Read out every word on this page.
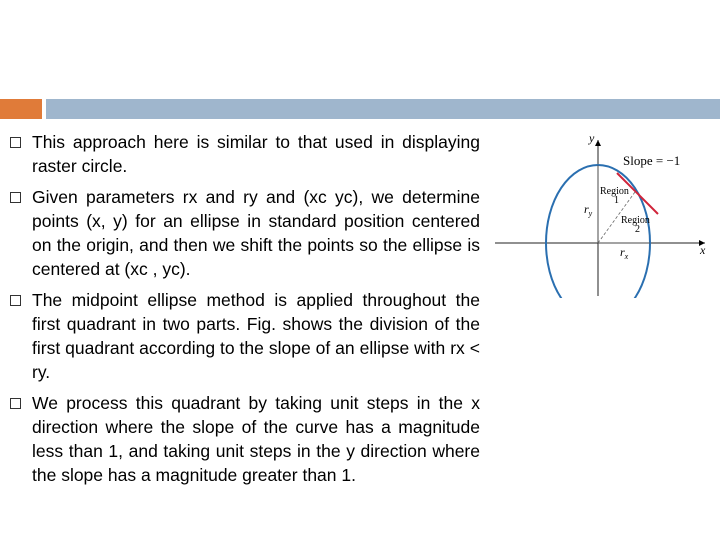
This approach here is similar to that used in displaying raster circle.
Given parameters rx and ry and (xc yc), we determine points (x, y) for an ellipse in standard position centered on the origin, and then we shift the points so the ellipse is centered at (xc , yc).
The midpoint ellipse method is applied throughout the first quadrant in two parts. Fig. shows the division of the first quadrant according to the slope of an ellipse with rx < ry.
We process this quadrant by taking unit steps in the x direction where the slope of the curve has a magnitude less than 1, and taking unit steps in the y direction where the slope has a magnitude greater than 1.
y
x
Slope = −1
Region
1
Region
2
$r_y$
$r_x$
